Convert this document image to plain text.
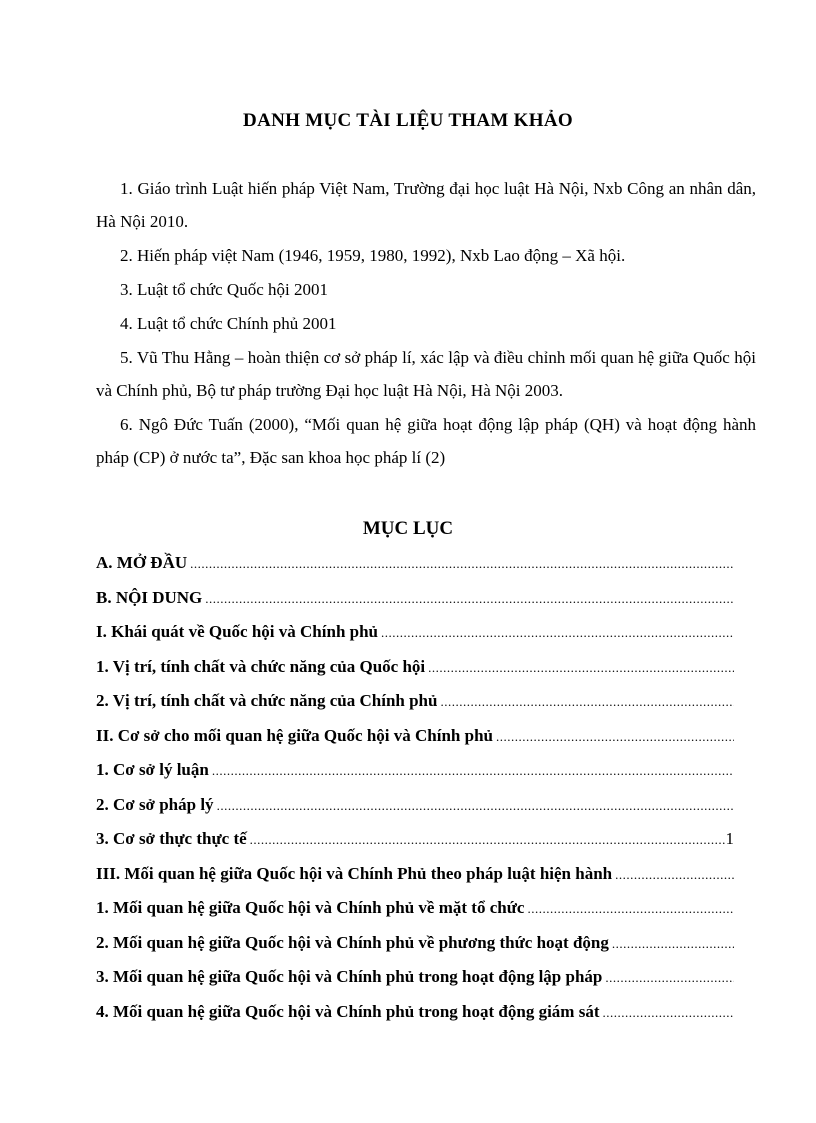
DANH MỤC TÀI LIỆU THAM KHẢO

1. Giáo trình Luật hiến pháp Việt Nam, Trường đại học luật Hà Nội, Nxb Công an nhân dân, Hà Nội 2010.

2. Hiến pháp việt Nam (1946, 1959, 1980, 1992), Nxb Lao động – Xã hội.

3. Luật tổ chức Quốc hội 2001

4. Luật tổ chức Chính phủ 2001

5. Vũ Thu Hằng – hoàn thiện cơ sở pháp lí, xác lập và điều chỉnh mối quan hệ giữa Quốc hội và Chính phủ, Bộ tư pháp trường Đại học luật Hà Nội, Hà Nội 2003.

6. Ngô Đức Tuấn (2000), “Mối quan hệ giữa hoạt động lập pháp (QH) và hoạt động hành pháp (CP) ở nước ta”, Đặc san khoa học pháp lí (2)

MỤC LỤC
A. MỞ ĐẦU
.....
B. NỘI DUNG
.....
I. Khái quát về Quốc hội và Chính phủ
.....
1. Vị trí, tính chất và chức năng của Quốc hội
.....
2. Vị trí, tính chất và chức năng của Chính phủ
.....
II. Cơ sở cho mối quan hệ giữa Quốc hội và Chính phủ
.....
1. Cơ sở lý luận
.....
2. Cơ sở pháp lý
.....
3. Cơ sở thực thực tế
.....	1
III. Mối quan hệ giữa Quốc hội và Chính Phủ theo pháp luật hiện hành
.....
1. Mối quan hệ giữa Quốc hội và Chính phủ về mặt tổ chức
.....
2. Mối quan hệ giữa Quốc hội và Chính phủ về phương thức hoạt động
.....
3. Mối quan hệ giữa Quốc hội và Chính phủ trong hoạt động lập pháp
.....
4. Mối quan hệ giữa Quốc hội và Chính phủ trong hoạt động giám sát
.....
